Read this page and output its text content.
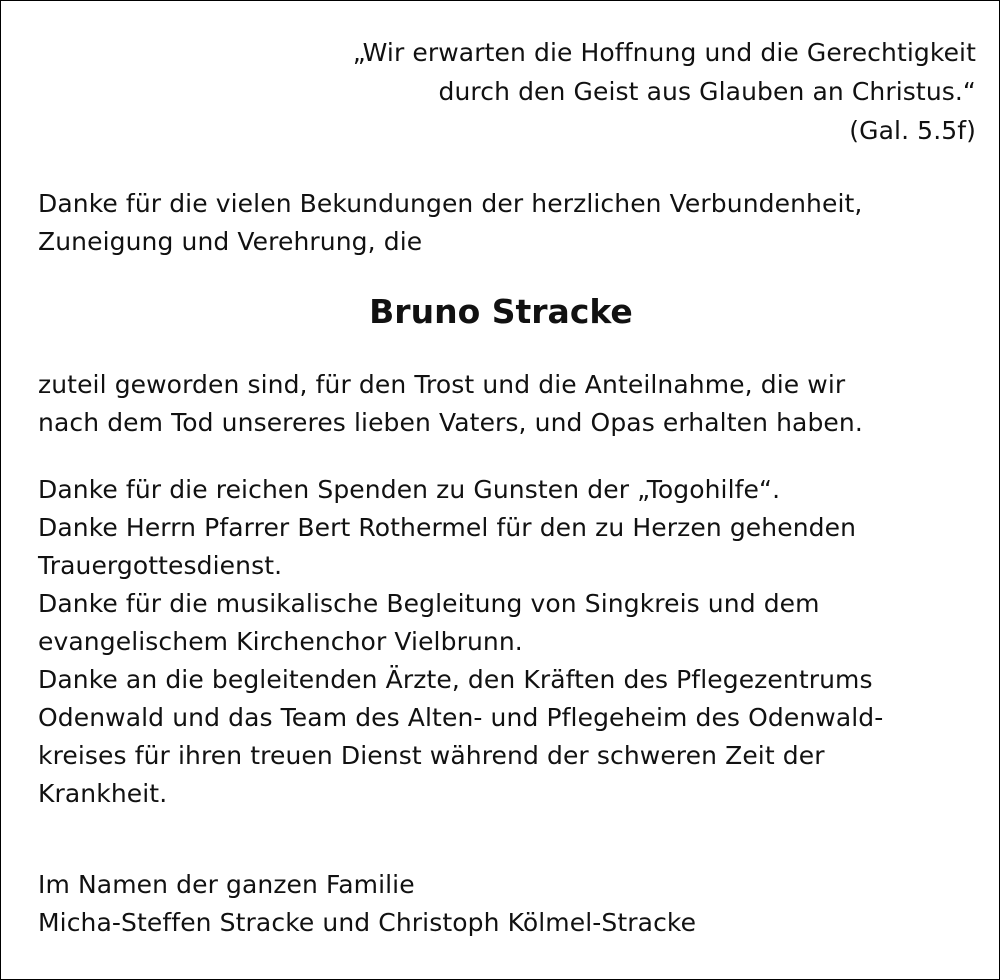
„Wir erwarten die Hoffnung und die Gerechtigkeit
durch den Geist aus Glauben an Christus.“
(Gal. 5.5f)
Danke für die vielen Bekundungen der herzlichen Verbundenheit,
Zuneigung und Verehrung, die
Bruno Stracke
zuteil geworden sind, für den Trost und die Anteilnahme, die wir
nach dem Tod unsereres lieben Vaters, und Opas erhalten haben.
Danke für die reichen Spenden zu Gunsten der „Togohilfe“.
Danke Herrn Pfarrer Bert Rothermel für den zu Herzen gehenden
Trauergottesdienst.
Danke für die musikalische Begleitung von Singkreis und dem
evangelischem Kirchenchor Vielbrunn.
Danke an die begleitenden Ärzte, den Kräften des Pflegezentrums
Odenwald und das Team des Alten- und Pflegeheim des Odenwald-
kreises für ihren treuen Dienst während der schweren Zeit der
Krankheit.
Im Namen der ganzen Familie
Micha-Steffen Stracke und Christoph Kölmel-Stracke
